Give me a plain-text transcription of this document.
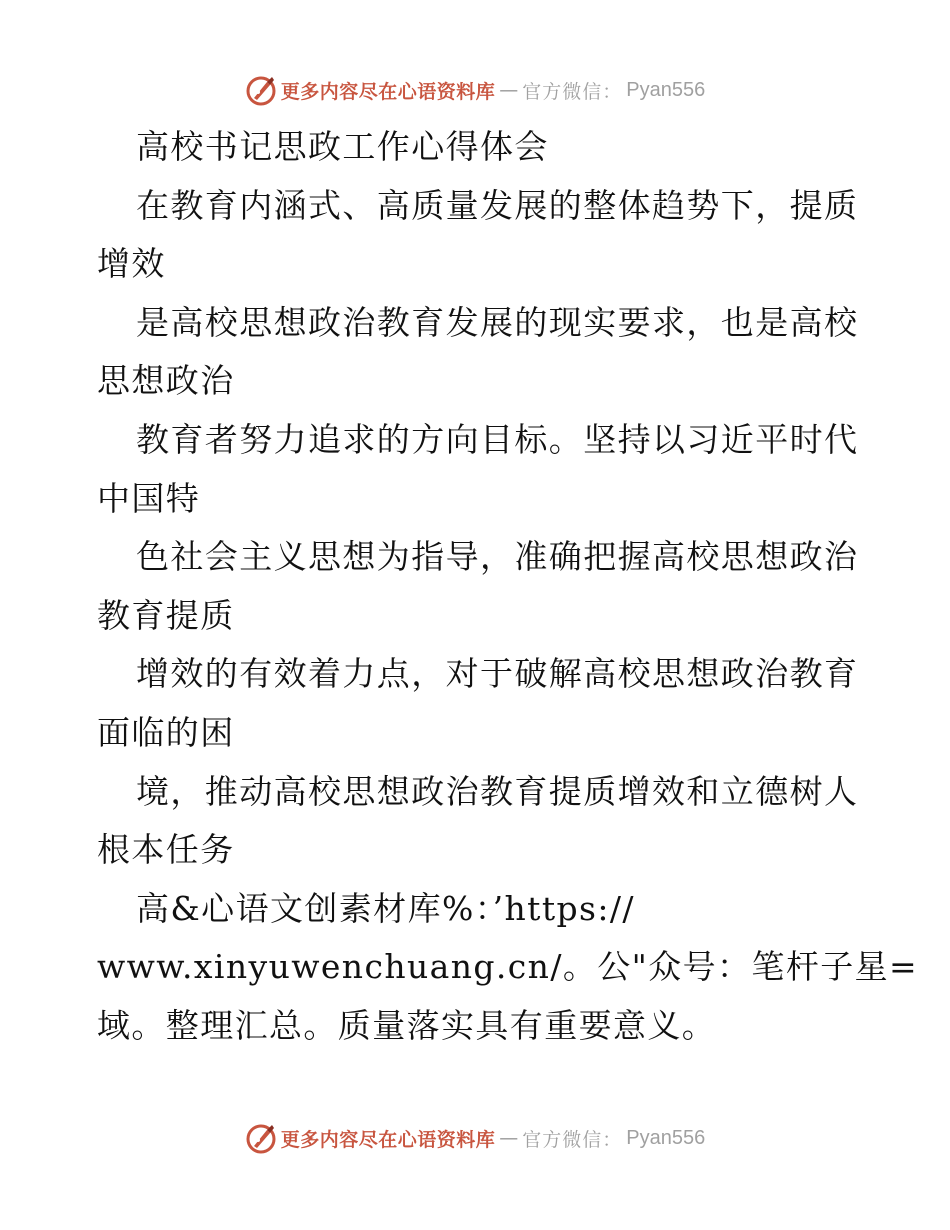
更多内容尽在心语资料库 — 官方微信： Pyan556
高校书记思政工作心得体会
在教育内涵式、高质量发展的整体趋势下，提质
增效
是高校思想政治教育发展的现实要求，也是高校
思想政治
教育者努力追求的方向目标。坚持以习近平时代
中国特
色社会主义思想为指导，准确把握高校思想政治
教育提质
增效的有效着力点，对于破解高校思想政治教育
面临的困
境，推动高校思想政治教育提质增效和立德树人
根本任务
高&心语文创素材库%：’https://
www.xinyuwenchuang.cn/。公"众号：笔杆子星=
域。整理汇总。质量落实具有重要意义。
更多内容尽在心语资料库 — 官方微信： Pyan556
